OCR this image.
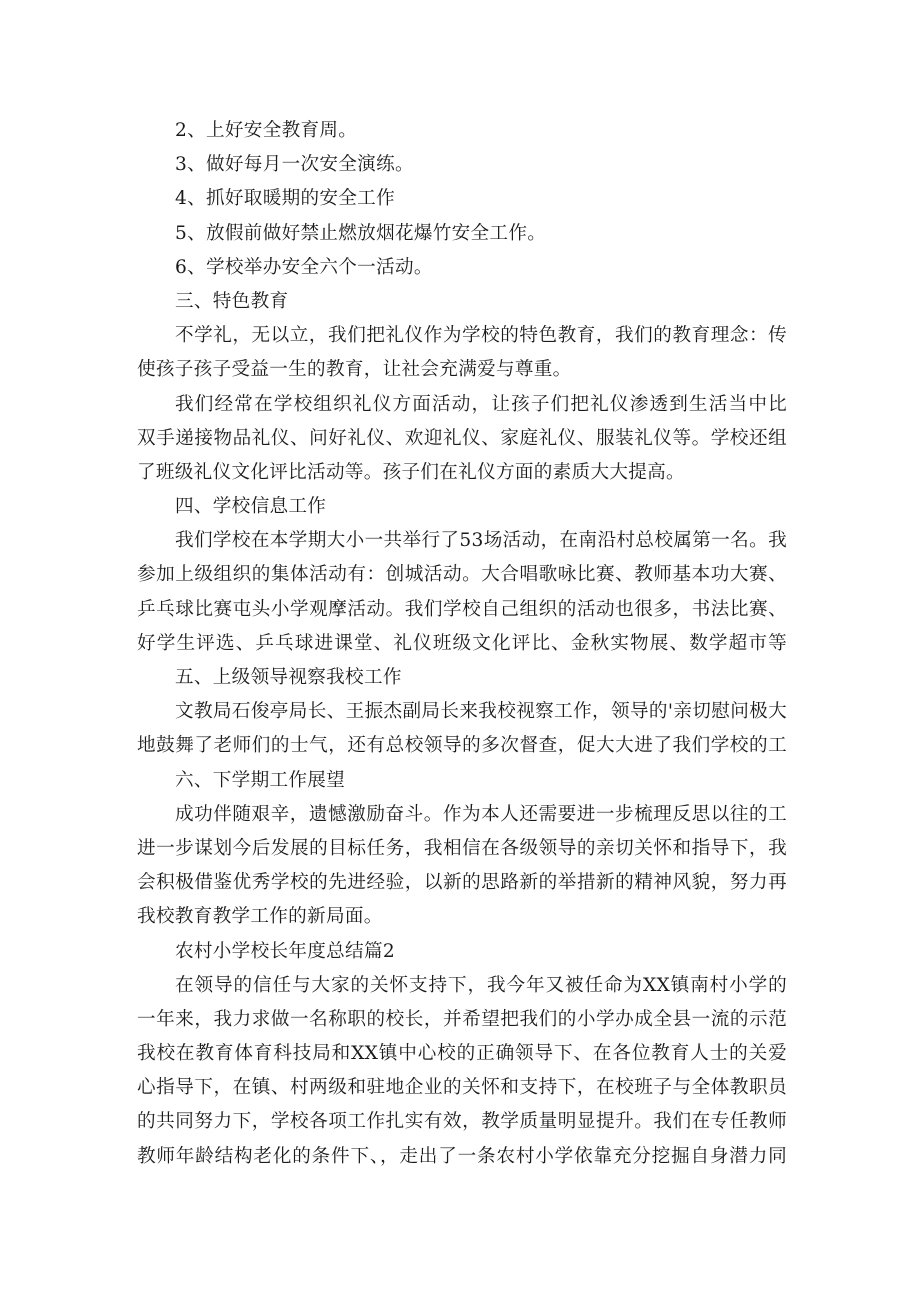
2、上好安全教育周。
3、做好每月一次安全演练。
4、抓好取暖期的安全工作
5、放假前做好禁止燃放烟花爆竹安全工作。
6、学校举办安全六个一活动。
三、特色教育
不学礼，无以立，我们把礼仪作为学校的特色教育，我们的教育理念：传
使孩子孩子受益一生的教育，让社会充满爱与尊重。
我们经常在学校组织礼仪方面活动，让孩子们把礼仪渗透到生活当中比
双手递接物品礼仪、问好礼仪、欢迎礼仪、家庭礼仪、服装礼仪等。学校还组
了班级礼仪文化评比活动等。孩子们在礼仪方面的素质大大提高。
四、学校信息工作
我们学校在本学期大小一共举行了53场活动，在南沿村总校属第一名。我
参加上级组织的集体活动有：创城活动。大合唱歌咏比赛、教师基本功大赛、
乒乓球比赛屯头小学观摩活动。我们学校自己组织的活动也很多，书法比赛、
好学生评选、乒乓球进课堂、礼仪班级文化评比、金秋实物展、数学超市等
五、上级领导视察我校工作
文教局石俊亭局长、王振杰副局长来我校视察工作，领导的'亲切慰问极大
地鼓舞了老师们的士气，还有总校领导的多次督查，促大大进了我们学校的工
六、下学期工作展望
成功伴随艰辛，遗憾激励奋斗。作为本人还需要进一步梳理反思以往的工
进一步谋划今后发展的目标任务，我相信在各级领导的亲切关怀和指导下，我
会积极借鉴优秀学校的先进经验，以新的思路新的举措新的精神风貌，努力再
我校教育教学工作的新局面。
农村小学校长年度总结篇2
在领导的信任与大家的关怀支持下，我今年又被任命为XX镇南村小学的
一年来，我力求做一名称职的校长，并希望把我们的小学办成全县一流的示范
我校在教育体育科技局和XX镇中心校的正确领导下、在各位教育人士的关爱
心指导下，在镇、村两级和驻地企业的关怀和支持下，在校班子与全体教职员
的共同努力下，学校各项工作扎实有效，教学质量明显提升。我们在专任教师
教师年龄结构老化的条件下、，走出了一条农村小学依靠充分挖掘自身潜力同
